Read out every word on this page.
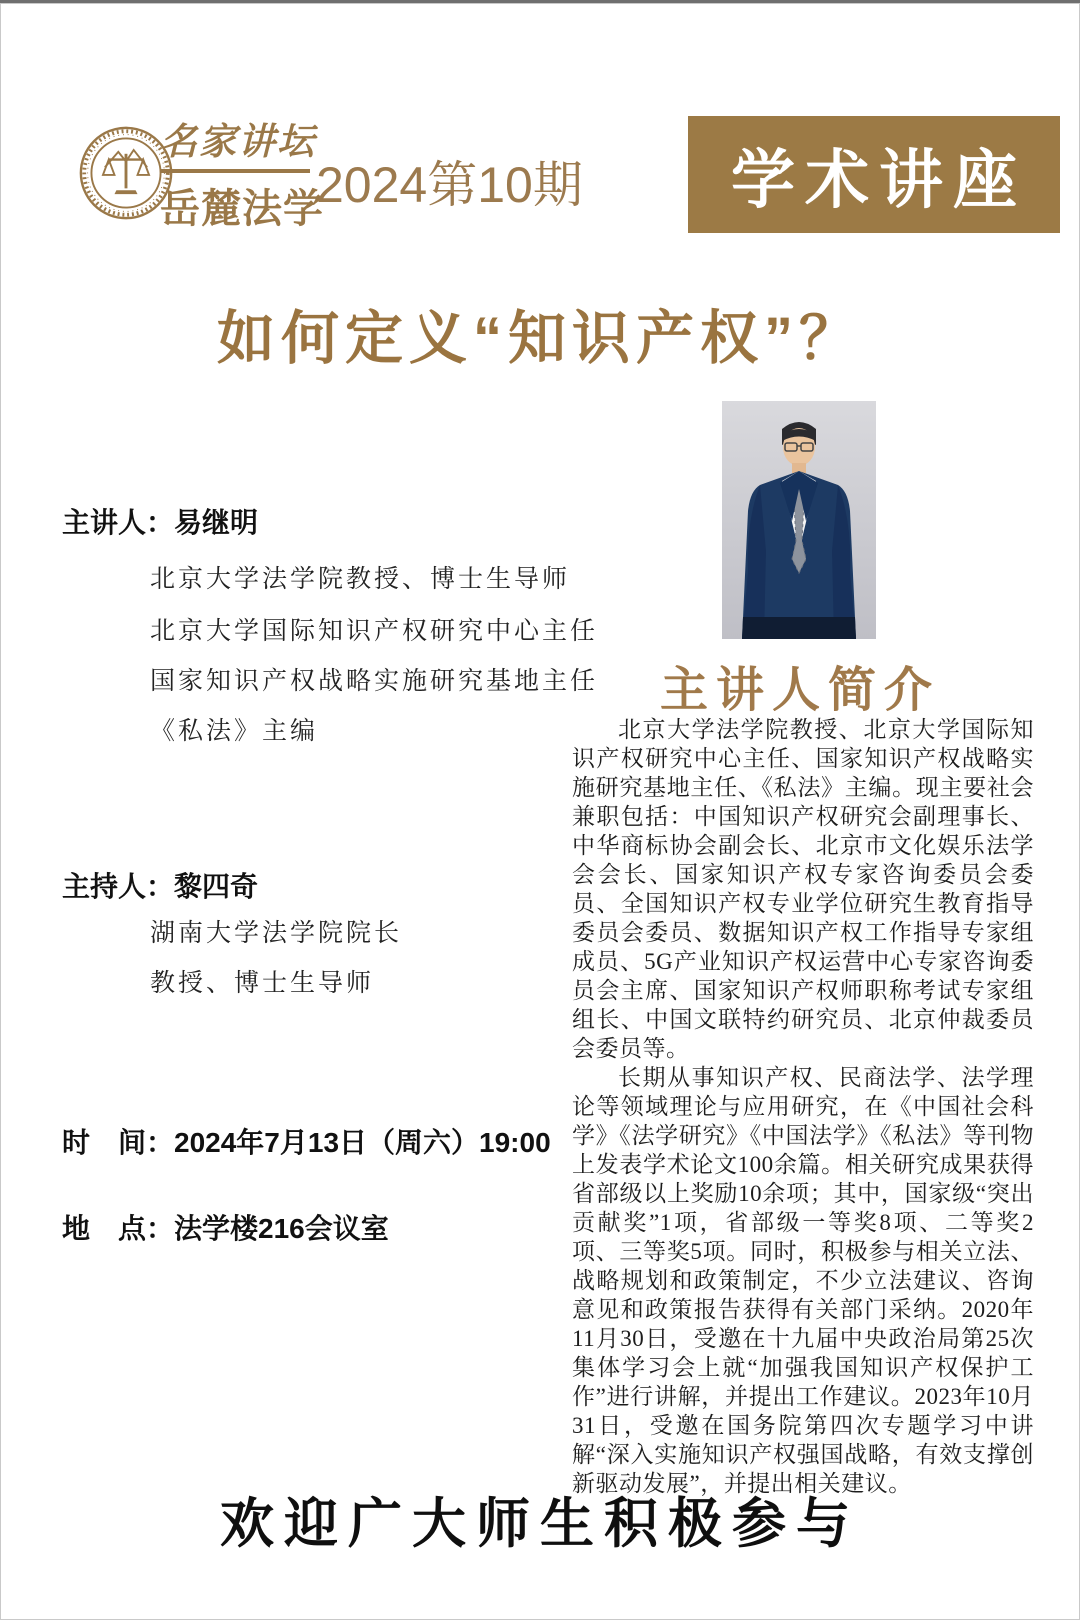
名家讲坛
岳麓法学
2024第10期 学术讲座
如何定义“知识产权”？
主讲人：易继明
北京大学法学院教授、博士生导师
北京大学国际知识产权研究中心主任
国家知识产权战略实施研究基地主任
《私法》主编
主持人：黎四奇
湖南大学法学院院长
教授、博士生导师
时　间：2024年7月13日（周六）19:00
地　点：法学楼216会议室
主讲人简介

北京大学法学院教授、北京大学国际知识产权研究中心主任、国家知识产权战略实施研究基地主任、《私法》主编。现主要社会兼职包括：中国知识产权研究会副理事长、中华商标协会副会长、北京市文化娱乐法学会会长、国家知识产权专家咨询委员会委员、全国知识产权专业学位研究生教育指导委员会委员、数据知识产权工作指导专家组成员、5G产业知识产权运营中心专家咨询委员会主席、国家知识产权师职称考试专家组组长、中国文联特约研究员、北京仲裁委员会委员等。

长期从事知识产权、民商法学、法学理论等领域理论与应用研究，在《中国社会科学》《法学研究》《中国法学》《私法》等刊物上发表学术论文100余篇。相关研究成果获得省部级以上奖励10余项；其中，国家级“突出贡献奖”1项，省部级一等奖8项、二等奖2项、三等奖5项。同时，积极参与相关立法、战略规划和政策制定，不少立法建议、咨询意见和政策报告获得有关部门采纳。2020年11月30日，受邀在十九届中央政治局第25次集体学习会上就“加强我国知识产权保护工作”进行讲解，并提出工作建议。2023年10月31日，受邀在国务院第四次专题学习中讲解“深入实施知识产权强国战略，有效支撑创新驱动发展”，并提出相关建议。

欢迎广大师生积极参与
